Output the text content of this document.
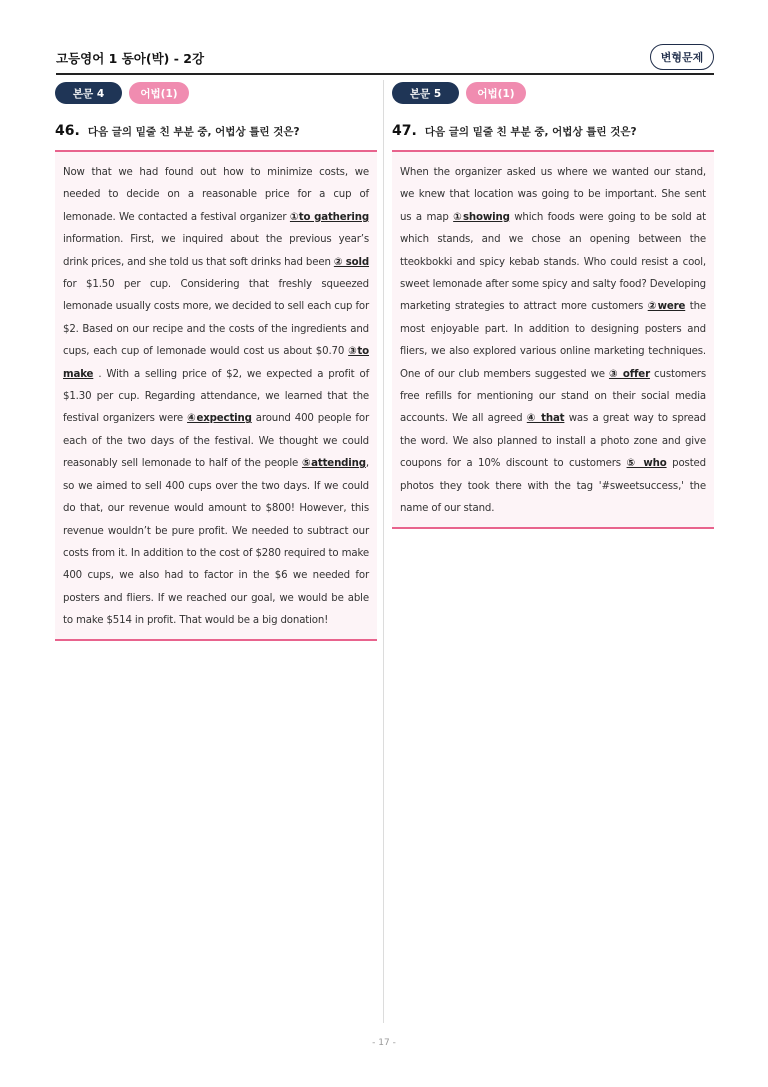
고등영어 1 동아(박) - 2강	변형문제
본문 4	어법(1)
46. 다음 글의 밑줄 친 부분 중, 어법상 틀린 것은?

Now that we had found out how to minimize costs, we needed to decide on a reasonable price for a cup of lemonade. We contacted a festival organizer ①to gathering information. First, we inquired about the previous year’s drink prices, and she told us that soft drinks had been ② sold for $1.50 per cup. Considering that freshly squeezed lemonade usually costs more, we decided to sell each cup for $2. Based on our recipe and the costs of the ingredients and cups, each cup of lemonade would cost us about $0.70 ③to make . With a selling price of $2, we expected a profit of $1.30 per cup. Regarding attendance, we learned that the festival organizers were ④expecting around 400 people for each of the two days of the festival. We thought we could reasonably sell lemonade to half of the people ⑤attending, so we aimed to sell 400 cups over the two days. If we could do that, our revenue would amount to $800! However, this revenue wouldn’t be pure profit. We needed to subtract our costs from it. In addition to the cost of $280 required to make 400 cups, we also had to factor in the $6 we needed for posters and fliers. If we reached our goal, we would be able to make $514 in profit. That would be a big donation!

본문 5	어법(1)
47. 다음 글의 밑줄 친 부분 중, 어법상 틀린 것은?

When the organizer asked us where we wanted our stand, we knew that location was going to be important. She sent us a map ①showing which foods were going to be sold at which stands, and we chose an opening between the tteokbokki and spicy kebab stands. Who could resist a cool, sweet lemonade after some spicy and salty food? Developing marketing strategies to attract more customers ②were the most enjoyable part. In addition to designing posters and fliers, we also explored various online marketing techniques. One of our club members suggested we ③ offer customers free refills for mentioning our stand on their social media accounts. We all agreed ④ that was a great way to spread the word. We also planned to install a photo zone and give coupons for a 10% discount to customers ⑤ who posted photos they took there with the tag '#sweetsuccess,' the name of our stand.

- 17 -
